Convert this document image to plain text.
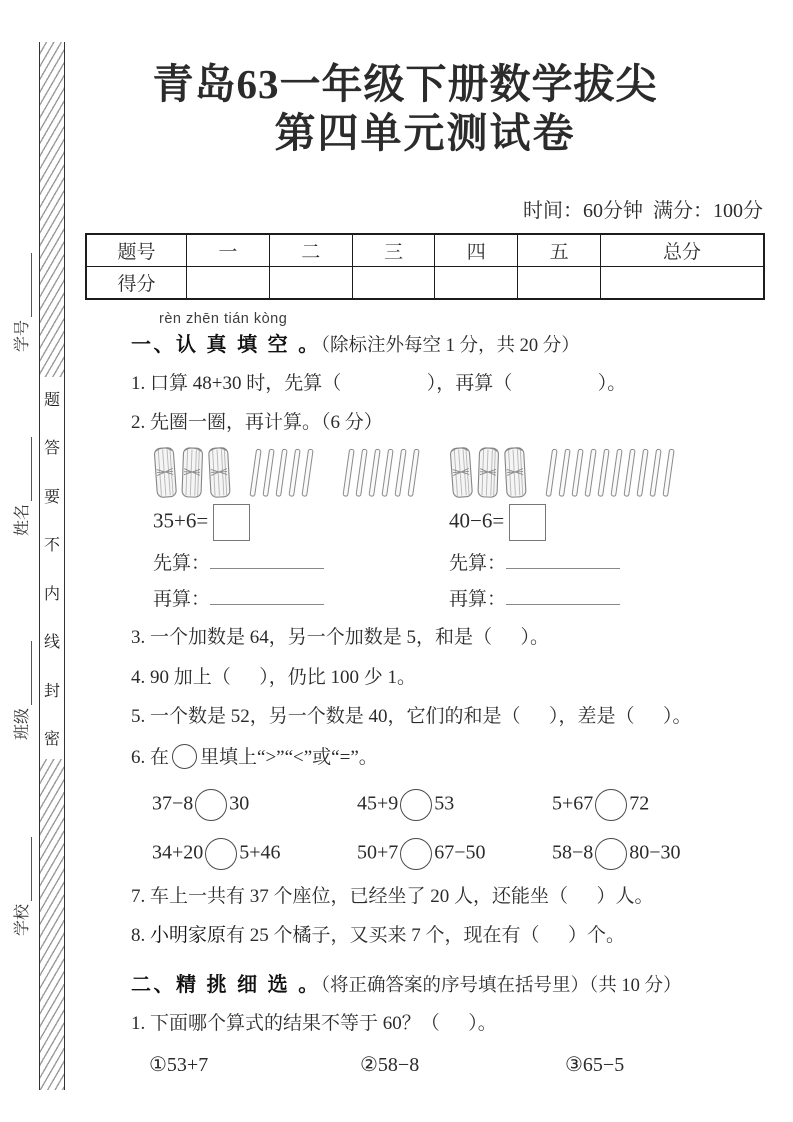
学号
姓名
班级
学校
题
答
要
不
内
线
封
密
青岛63一年级下册数学拔尖
第四单元测试卷
时间：60分钟  满分：100分
题号	一	二	三	四	五	总分
得分						
rèn zhēn tián kòng
一、认 真 填 空 。（除标注外每空 1 分，共 20 分）

1. 口算 48+30 时，先算（                  ），再算（                  ）。

2. 先圈一圈，再计算。（6 分）

35+6=	40−6=
先算：	先算：
再算：	再算：

3. 一个加数是 64，另一个加数是 5，和是（      ）。

4. 90 加上（      ），仍比 100 少 1。

5. 一个数是 52，另一个数是 40，它们的和是（      ），差是（      ）。

6. 在 里填上“>”“<”或“=”。

37−8 30	45+9 53	5+67 72
34+20 5+46	50+7 67−50	58−8 80−30

7. 车上一共有 37 个座位，已经坐了 20 人，还能坐（      ）人。

8. 小明家原有 25 个橘子，又买来 7 个，现在有（      ）个。

二、精 挑 细 选 。（将正确答案的序号填在括号里）（共 10 分）

1. 下面哪个算式的结果不等于 60？（      ）。

①53+7	②58−8	③65−5
